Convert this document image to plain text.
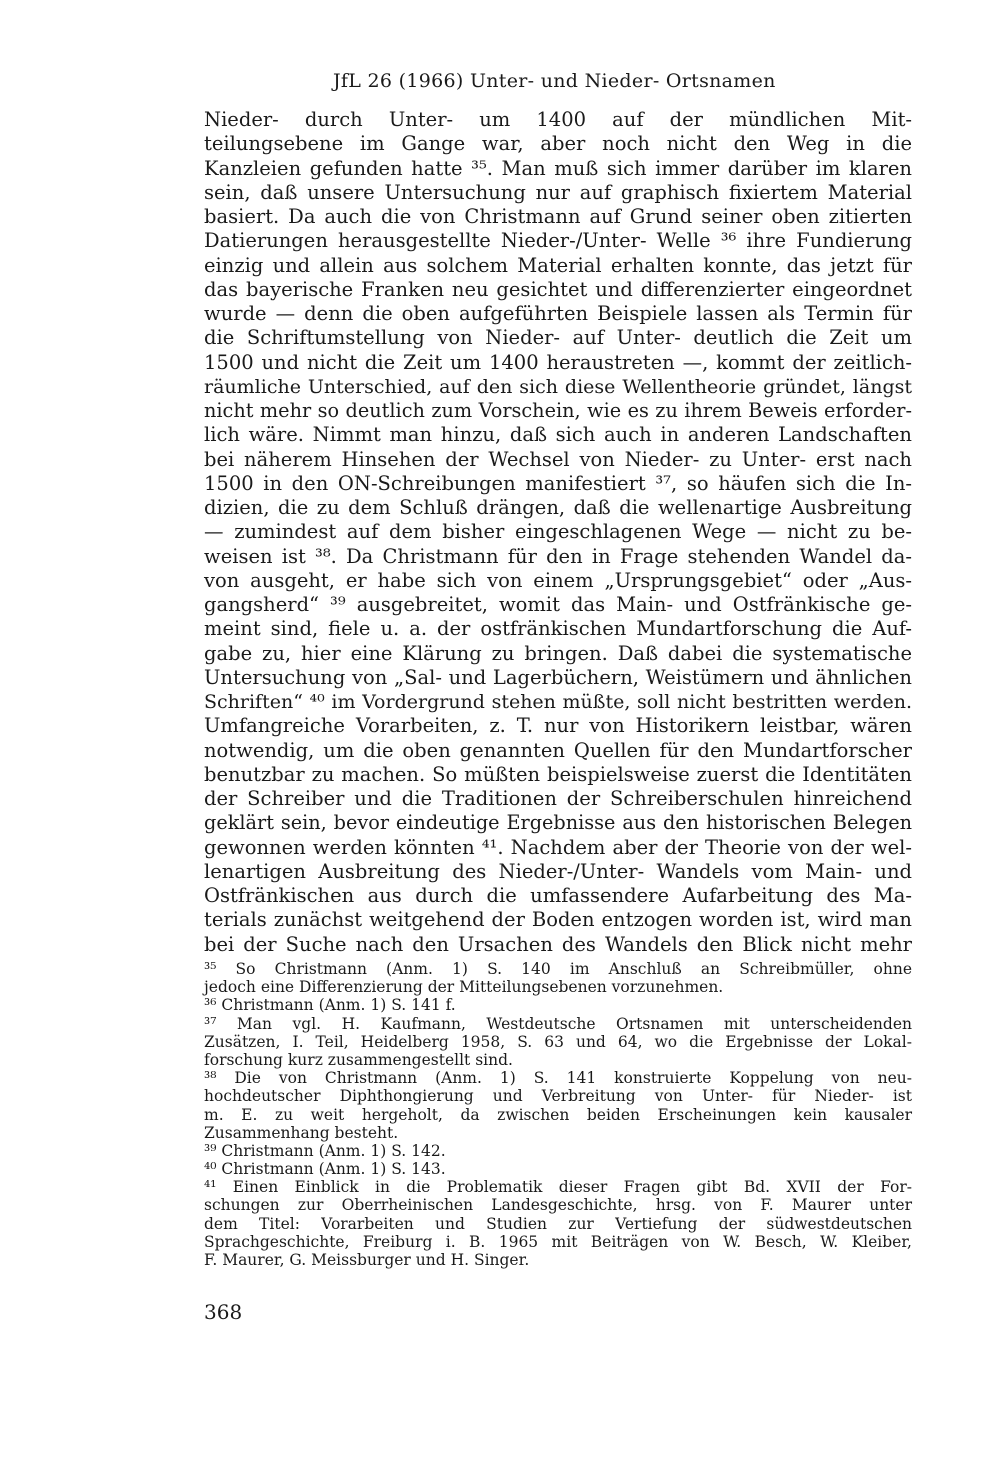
JfL 26 (1966) Unter- und Nieder- Ortsnamen
Nieder- durch Unter- um 1400 auf der mündlichen Mit-
teilungsebene im Gange war, aber noch nicht den Weg in die
Kanzleien gefunden hatte ³⁵. Man muß sich immer darüber im klaren
sein, daß unsere Untersuchung nur auf graphisch fixiertem Material
basiert. Da auch die von Christmann auf Grund seiner oben zitierten
Datierungen herausgestellte Nieder-/Unter- Welle ³⁶ ihre Fundierung
einzig und allein aus solchem Material erhalten konnte, das jetzt für
das bayerische Franken neu gesichtet und differenzierter eingeordnet
wurde — denn die oben aufgeführten Beispiele lassen als Termin für
die Schriftumstellung von Nieder- auf Unter- deutlich die Zeit um
1500 und nicht die Zeit um 1400 heraustreten —, kommt der zeitlich-
räumliche Unterschied, auf den sich diese Wellentheorie gründet, längst
nicht mehr so deutlich zum Vorschein, wie es zu ihrem Beweis erforder-
lich wäre. Nimmt man hinzu, daß sich auch in anderen Landschaften
bei näherem Hinsehen der Wechsel von Nieder- zu Unter- erst nach
1500 in den ON-Schreibungen manifestiert ³⁷, so häufen sich die In-
dizien, die zu dem Schluß drängen, daß die wellenartige Ausbreitung
— zumindest auf dem bisher eingeschlagenen Wege — nicht zu be-
weisen ist ³⁸. Da Christmann für den in Frage stehenden Wandel da-
von ausgeht, er habe sich von einem „Ursprungsgebiet“ oder „Aus-
gangsherd“ ³⁹ ausgebreitet, womit das Main- und Ostfränkische ge-
meint sind, fiele u. a. der ostfränkischen Mundartforschung die Auf-
gabe zu, hier eine Klärung zu bringen. Daß dabei die systematische
Untersuchung von „Sal- und Lagerbüchern, Weistümern und ähnlichen
Schriften“ ⁴⁰ im Vordergrund stehen müßte, soll nicht bestritten werden.
Umfangreiche Vorarbeiten, z. T. nur von Historikern leistbar, wären
notwendig, um die oben genannten Quellen für den Mundartforscher
benutzbar zu machen. So müßten beispielsweise zuerst die Identitäten
der Schreiber und die Traditionen der Schreiberschulen hinreichend
geklärt sein, bevor eindeutige Ergebnisse aus den historischen Belegen
gewonnen werden könnten ⁴¹. Nachdem aber der Theorie von der wel-
lenartigen Ausbreitung des Nieder-/Unter- Wandels vom Main- und
Ostfränkischen aus durch die umfassendere Aufarbeitung des Ma-
terials zunächst weitgehend der Boden entzogen worden ist, wird man
bei der Suche nach den Ursachen des Wandels den Blick nicht mehr
³⁵ So Christmann (Anm. 1) S. 140 im Anschluß an Schreibmüller, ohne
jedoch eine Differenzierung der Mitteilungsebenen vorzunehmen.
³⁶ Christmann (Anm. 1) S. 141 f.
³⁷ Man vgl. H. Kaufmann, Westdeutsche Ortsnamen mit unterscheidenden
Zusätzen, I. Teil, Heidelberg 1958, S. 63 und 64, wo die Ergebnisse der Lokal-
forschung kurz zusammengestellt sind.
³⁸ Die von Christmann (Anm. 1) S. 141 konstruierte Koppelung von neu-
hochdeutscher Diphthongierung und Verbreitung von Unter- für Nieder- ist
m. E. zu weit hergeholt, da zwischen beiden Erscheinungen kein kausaler
Zusammenhang besteht.
³⁹ Christmann (Anm. 1) S. 142.
⁴⁰ Christmann (Anm. 1) S. 143.
⁴¹ Einen Einblick in die Problematik dieser Fragen gibt Bd. XVII der For-
schungen zur Oberrheinischen Landesgeschichte, hrsg. von F. Maurer unter
dem Titel: Vorarbeiten und Studien zur Vertiefung der südwestdeutschen
Sprachgeschichte, Freiburg i. B. 1965 mit Beiträgen von W. Besch, W. Kleiber,
F. Maurer, G. Meissburger und H. Singer.
368
